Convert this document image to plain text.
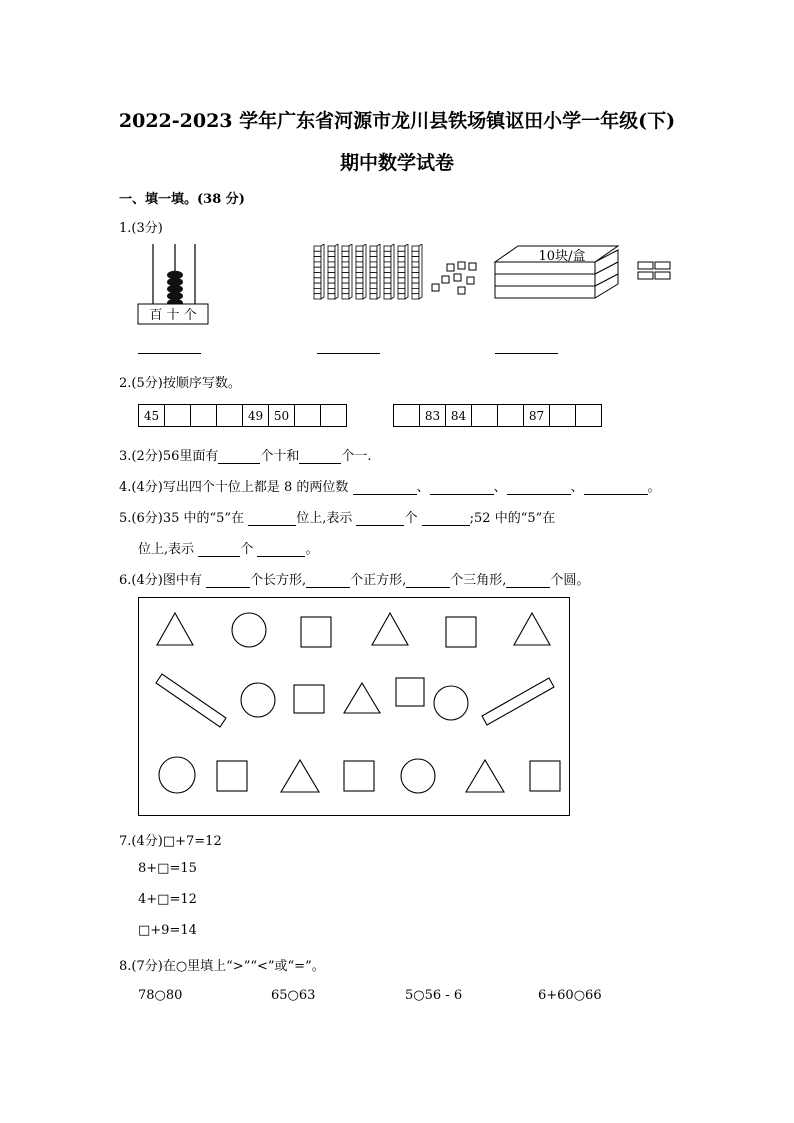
2022-2023 学年广东省河源市龙川县铁场镇讴田小学一年级(下)
期中数学试卷
一、填一填。(38 分)
1.(3分)
百 十 个
10块/盒
2.(5分)按顺序写数。
45	49 50	83 84	87
3.(2分)56里面有	个十和	个一.
4.(4分)写出四个十位上都是 8 的两位数	、	、	、	。
5.(6分)35 中的“5”在	位上,表示	个	;52 中的“5”在
位上,表示	个	。
6.(4分)图中有	个长方形,	个正方形,	个三角形,	个圆。
7.(4分)□+7=12
8+□=15
4+□=12
□+9=14
8.(7分)在○里填上“>”“<”或“=”。
78○80	65○63	5○56 - 6	6+60○66
